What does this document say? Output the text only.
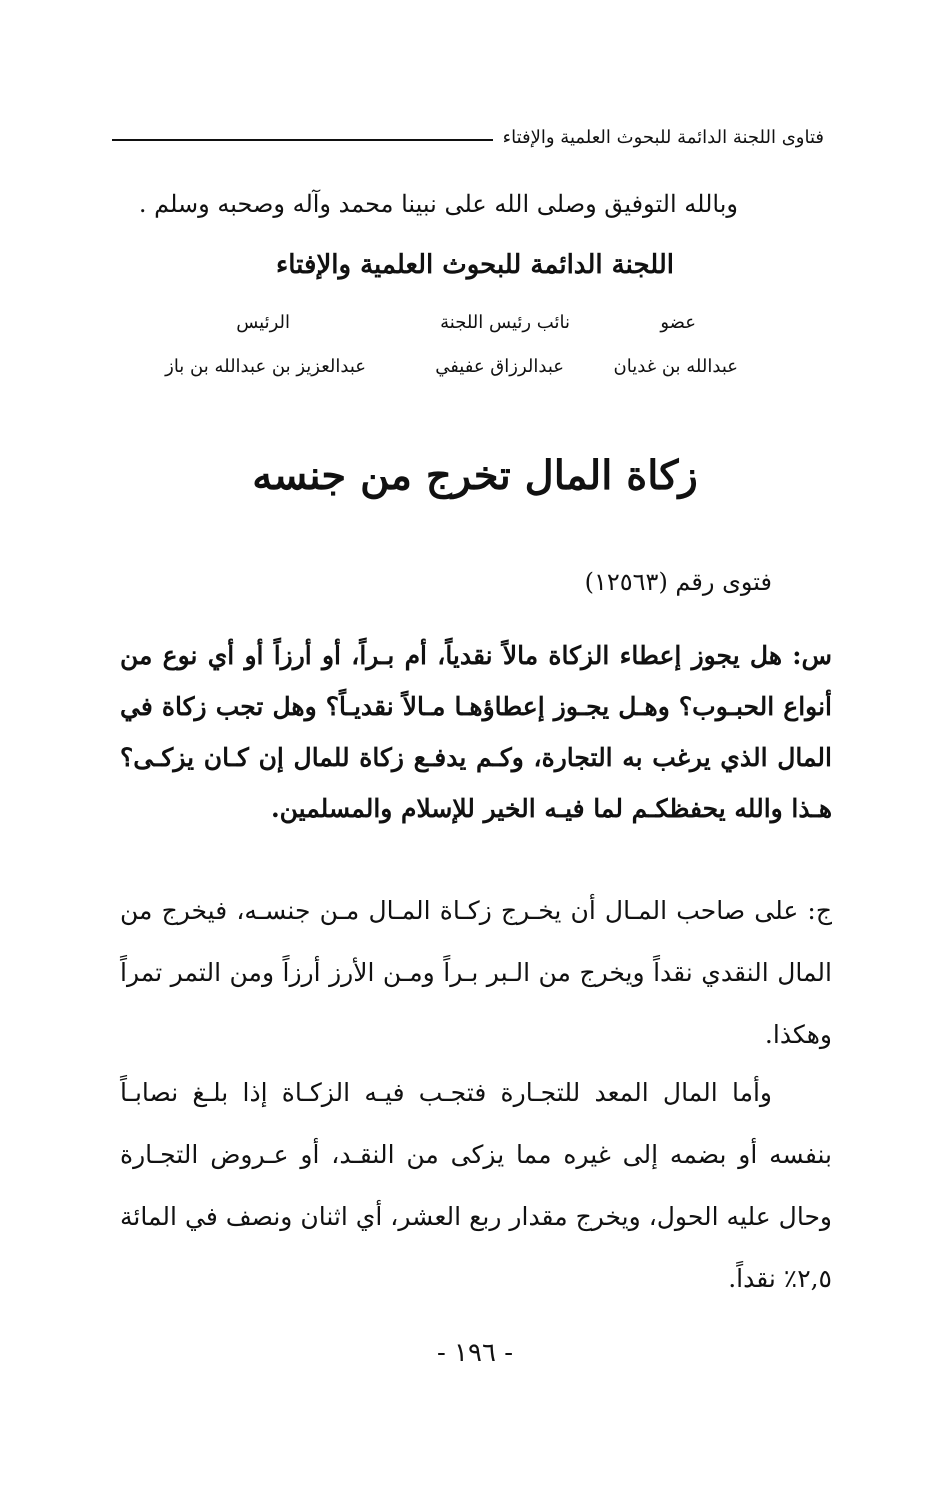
فتاوى اللجنة الدائمة للبحوث العلمية والإفتاء
وبالله التوفيق وصلى الله على نبينا محمد وآله وصحبه وسلم .
اللجنة الدائمة للبحوث العلمية والإفتاء
عضو
نائب رئيس اللجنة
الرئيس
عبدالله بن غديان
عبدالرزاق عفيفي
عبدالعزيز بن عبدالله بن باز
زكاة المال تخرج من جنسه
فتوى رقم (١٢٥٦٣)
س: هل يجوز إعطاء الزكاة مالاً نقدياً، أم بـراً، أو أرزاً أو أي نوع من أنواع الحبـوب؟ وهـل يجـوز إعطاؤهـا مـالاً نقديـاً؟ وهل تجب زكاة في المال الذي يرغب به التجارة، وكـم يدفـع زكاة للمال إن كـان يزكـى؟ هـذا والله يحفظكـم لما فيـه الخير للإسلام والمسلمين.
ج: على صاحب المـال أن يخـرج زكـاة المـال مـن جنسـه، فيخرج من المال النقدي نقداً ويخرج من الـبر بـراً ومـن الأرز أرزاً ومن التمر تمراً وهكذا.
وأما المال المعد للتجـارة فتجـب فيـه الزكـاة إذا بلـغ نصابـاً بنفسه أو بضمه إلى غيره مما يزكى من النقـد، أو عـروض التجـارة وحال عليه الحول، ويخرج مقدار ربع العشر، أي اثنان ونصف في المائة ٢,٥٪ نقداً.
- ١٩٦ -
